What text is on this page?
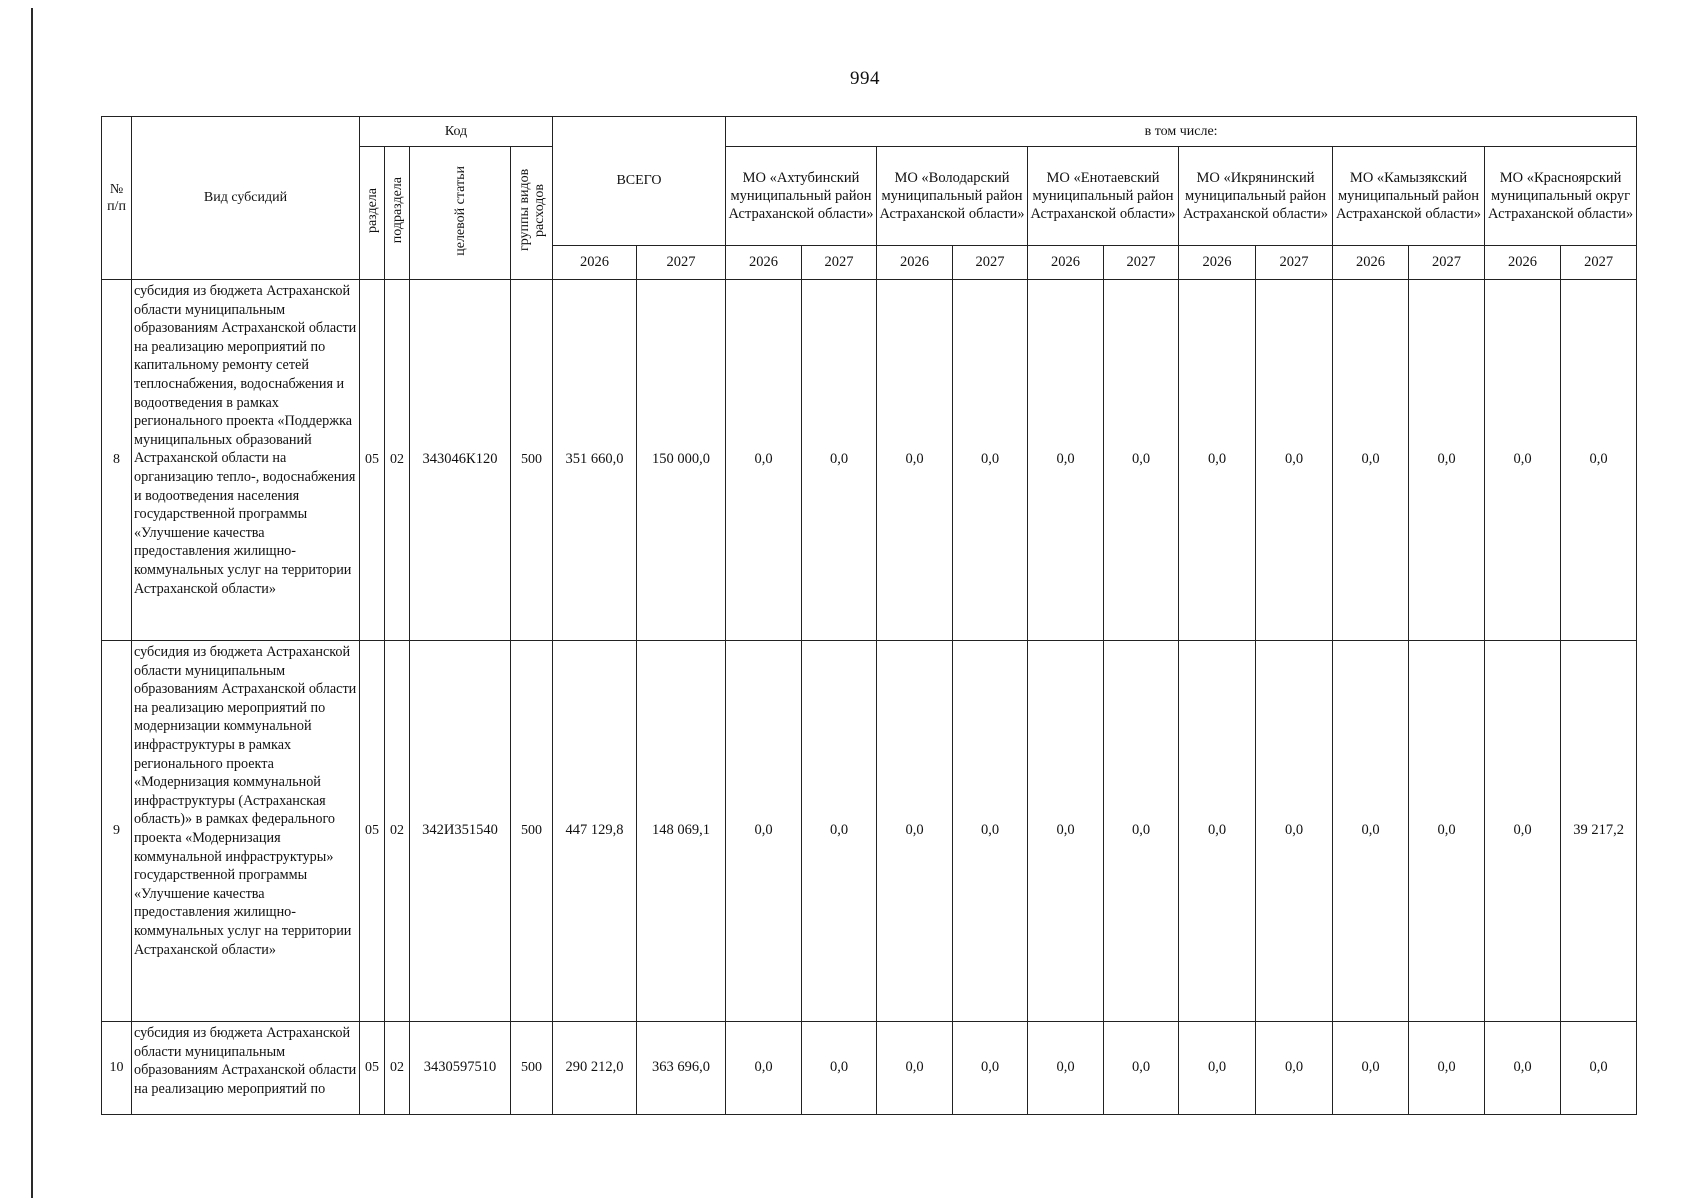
994
№ п/п	Вид субсидий	Код				ВСЕГО		в том числе:											
		раздела	подраздела	целевой статьи	группы видов расходов			МО «Ахтубинский муниципальный район Астраханской области»		МО «Володарский муниципальный район Астраханской области»		МО «Енотаевский муниципальный район Астраханской области»		МО «Икрянинский муниципальный район Астраханской области»		МО «Камызякский муниципальный район Астраханской области»		МО «Красноярский муниципальный округ Астраханской области»	
						2026	2027	2026	2027	2026	2027	2026	2027	2026	2027	2026	2027	2026	2027
8	субсидия из бюджета Астраханской области муниципальным образованиям Астраханской области на реализацию мероприятий по капитальному ремонту сетей теплоснабжения, водоснабжения и водоотведения в рамках регионального проекта «Поддержка муниципальных образований Астраханской области на организацию тепло-, водоснабжения и водоотведения населения государственной программы «Улучшение качества предоставления жилищно-коммунальных услуг на территории Астраханской области»	05	02	343046К120	500	351 660,0	150 000,0	0,0	0,0	0,0	0,0	0,0	0,0	0,0	0,0	0,0	0,0	0,0	0,0
9	субсидия из бюджета Астраханской области муниципальным образованиям Астраханской области на реализацию мероприятий по модернизации коммунальной инфраструктуры в рамках регионального проекта «Модернизация коммунальной инфраструктуры (Астраханская область)» в рамках федерального проекта «Модернизация коммунальной инфраструктуры» государственной программы «Улучшение качества предоставления жилищно-коммунальных услуг на территории Астраханской области»	05	02	342И351540	500	447 129,8	148 069,1	0,0	0,0	0,0	0,0	0,0	0,0	0,0	0,0	0,0	0,0	0,0	39 217,2
10	субсидия из бюджета Астраханской области муниципальным образованиям Астраханской области на реализацию мероприятий по	05	02	3430597510	500	290 212,0	363 696,0	0,0	0,0	0,0	0,0	0,0	0,0	0,0	0,0	0,0	0,0	0,0	0,0
